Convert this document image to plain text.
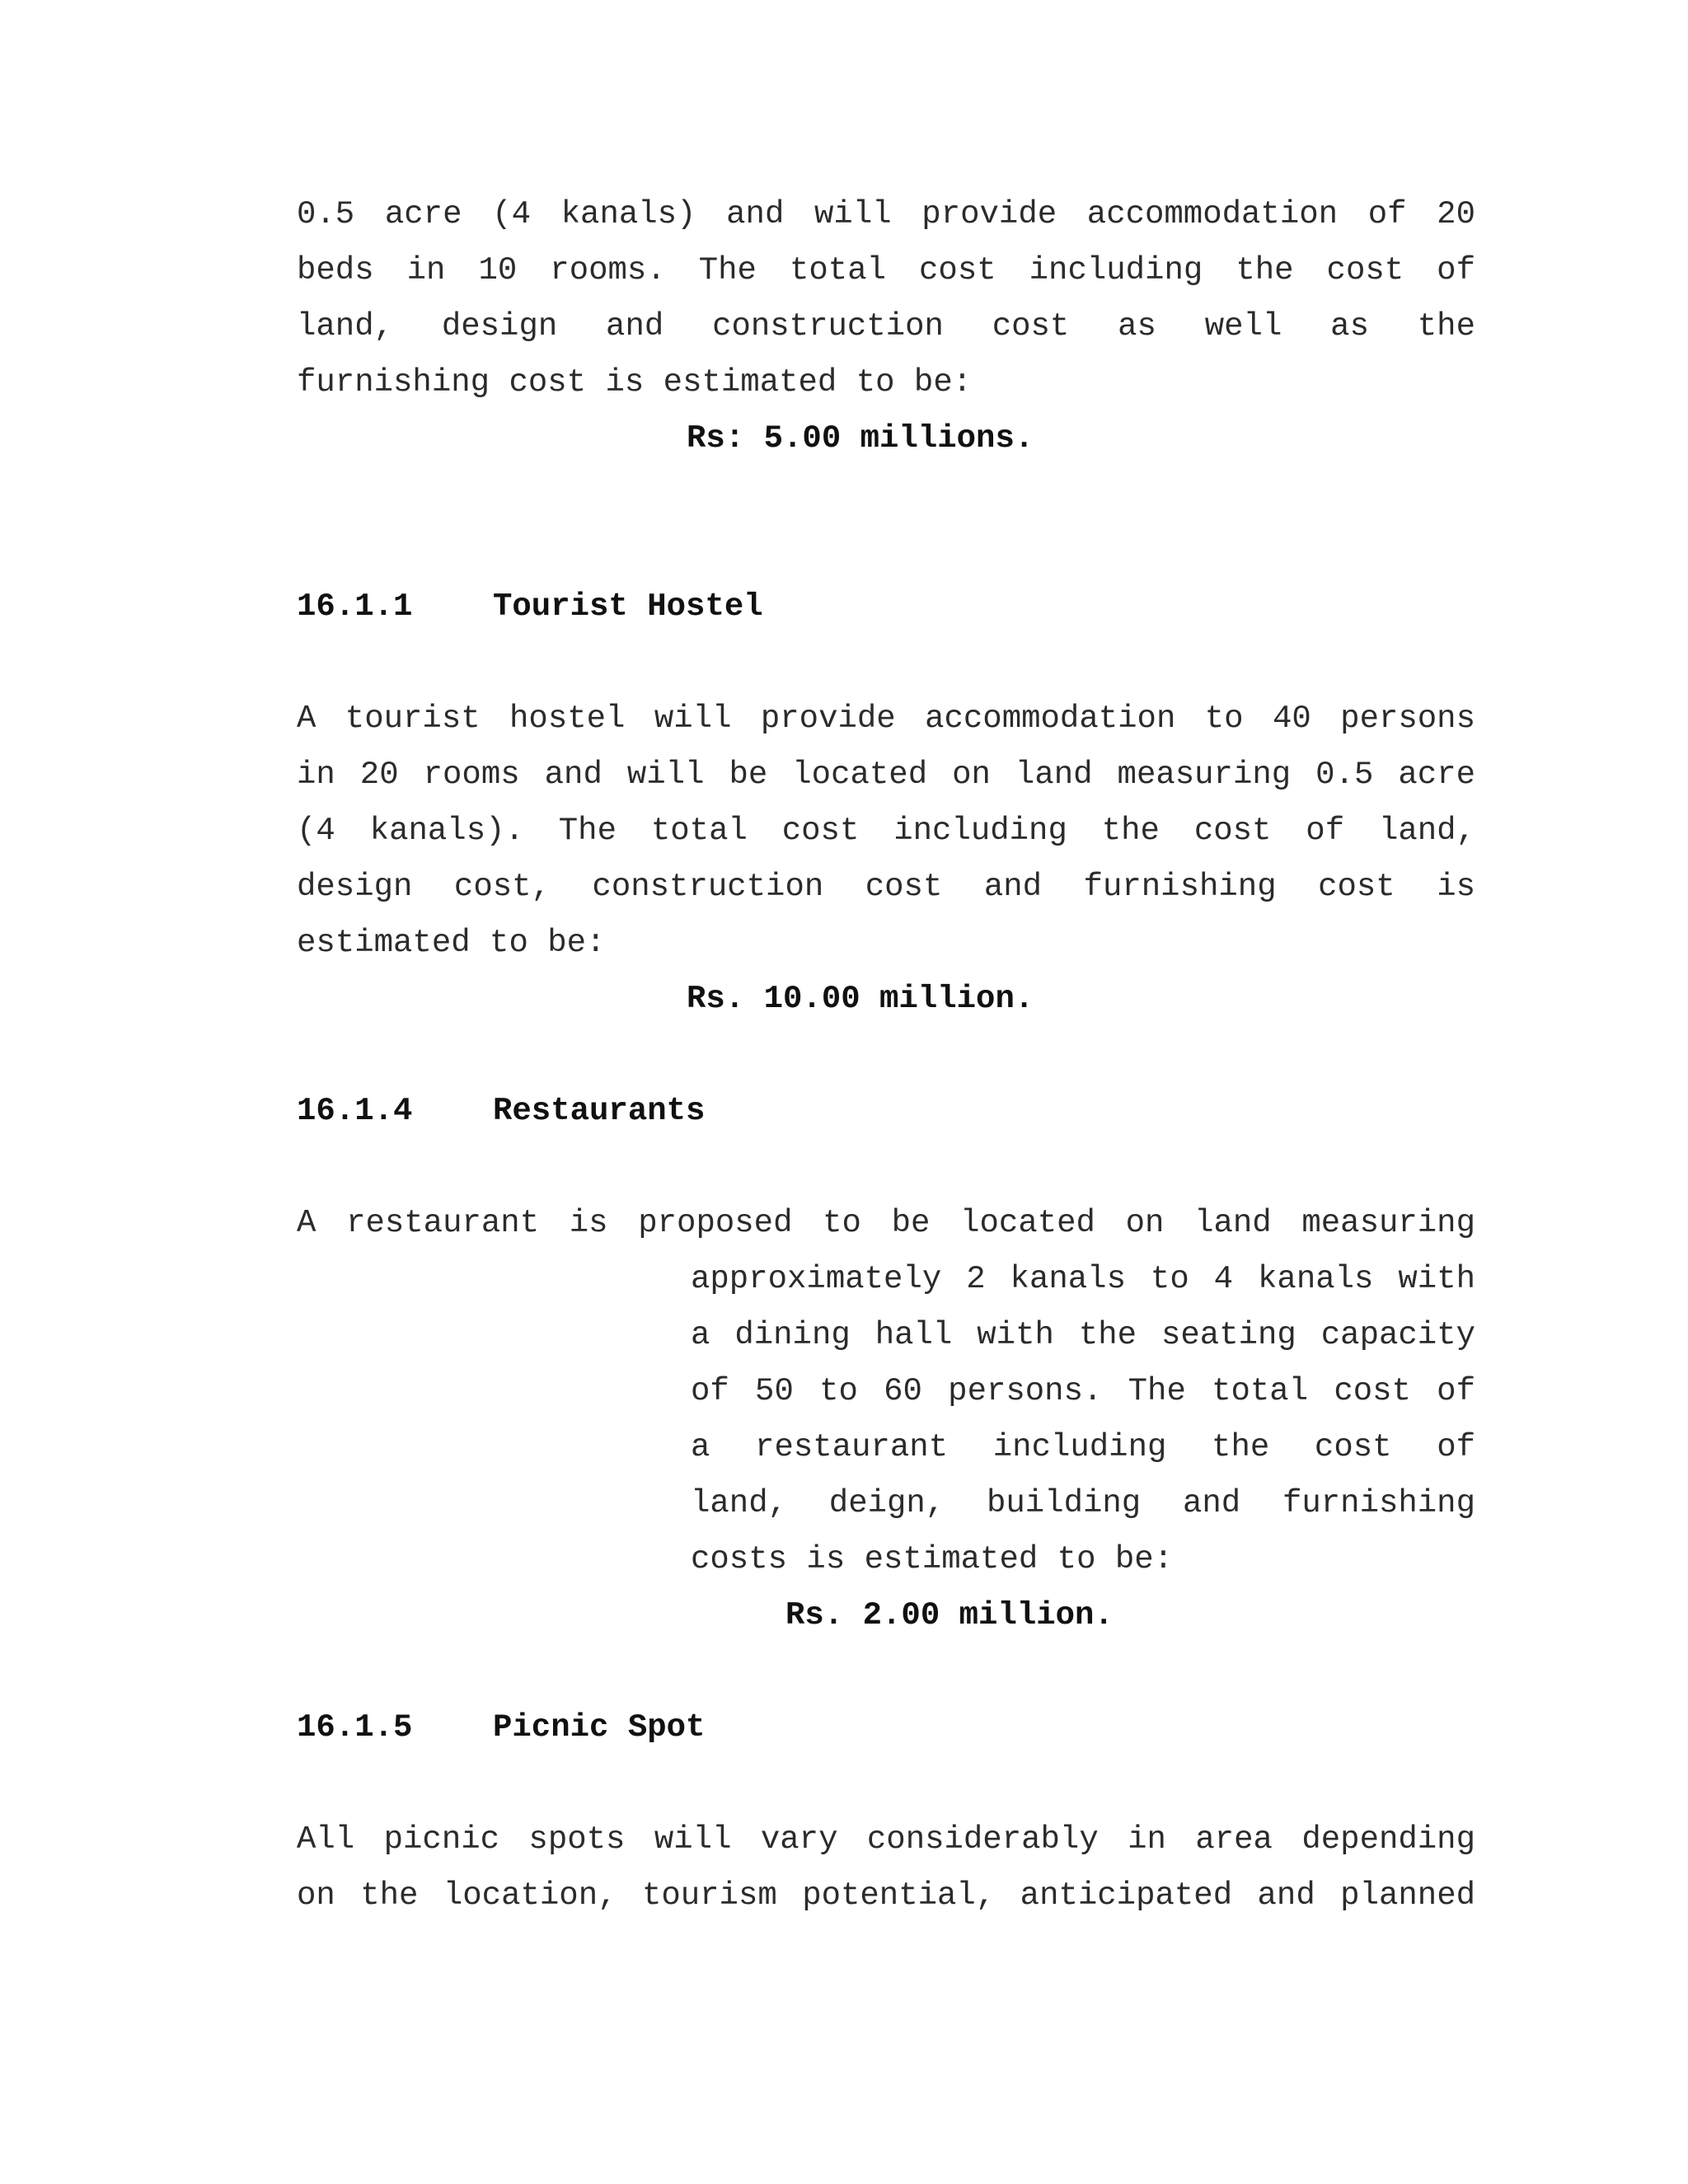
0.5 acre (4 kanals) and will provide accommodation of 20
beds in 10 rooms. The total cost including the cost of
land, design and construction cost as well as the
furnishing cost is estimated to be:
Rs: 5.00 millions.
16.1.1	Tourist Hostel
A tourist hostel will provide accommodation to 40 persons
in 20 rooms and will be located on land measuring 0.5 acre
(4 kanals). The total cost including the cost of land,
design cost, construction cost and furnishing cost is
estimated to be:
Rs. 10.00 million.
16.1.4	Restaurants
A restaurant is proposed to be located on land measuring
approximately 2 kanals to 4 kanals with
a dining hall with the seating capacity
of 50 to 60 persons. The total cost of
a restaurant including the cost of
land, deign, building and furnishing
costs is estimated to be:
Rs. 2.00 million.
16.1.5	Picnic Spot
All picnic spots will vary considerably in area depending
on the location, tourism potential, anticipated and planned
